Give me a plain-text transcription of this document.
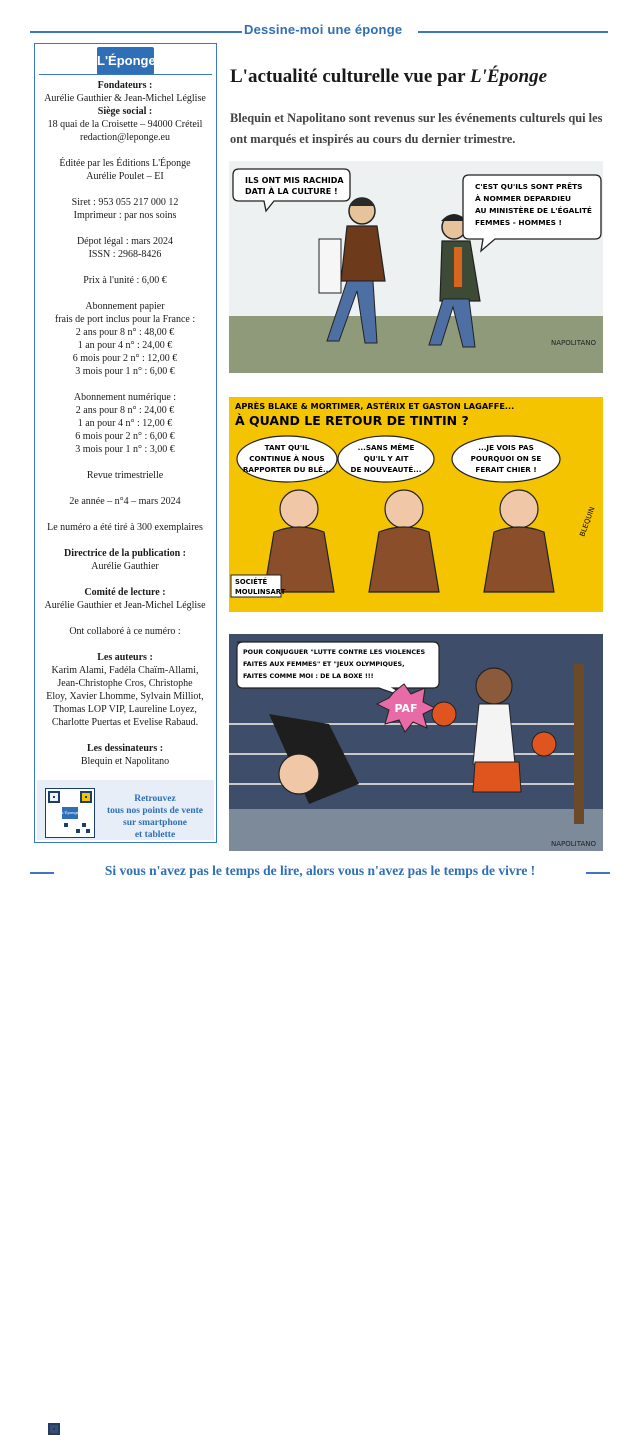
Dessine-moi une éponge
L'Éponge
Fondateurs :
Aurélie Gauthier & Jean-Michel Léglise
Siège social :
18 quai de la Croisette – 94000 Créteil
redaction@leponge.eu
Éditée par les Éditions L'Éponge
Aurélie Poulet – EI
Siret : 953 055 217 000 12
Imprimeur : par nos soins
Dépot légal : mars 2024
ISSN : 2968-8426
Prix à l'unité : 6,00 €
Abonnement papier
frais de port inclus pour la France :
2 ans pour 8 n° : 48,00 €
1 an pour 4 n° : 24,00 €
6 mois pour 2 n° : 12,00 €
3 mois pour 1 n° : 6,00 €
Abonnement numérique :
2 ans pour 8 n° : 24,00 €
1 an pour 4 n° : 12,00 €
6 mois pour 2 n° : 6,00 €
3 mois pour 1 n° : 3,00 €
Revue trimestrielle
2e année – n°4 – mars 2024
Le numéro a été tiré à 300 exemplaires
Directrice de la publication :
Aurélie Gauthier
Comité de lecture :
Aurélie Gauthier et Jean-Michel Léglise
Ont collaboré à ce numéro :
Les auteurs :
Karim Alami, Fadéla Chaïm-Allami,
Jean-Christophe Cros, Christophe
Eloy, Xavier Lhomme, Sylvain Milliot,
Thomas LOP VIP, Laureline Loyez,
Charlotte Puertas et Evelise Rabaud.
Les dessinateurs :
Blequin et Napolitano
L'Éponge
Retrouvez
tous nos points de vente
sur smartphone
et tablette
L'actualité culturelle vue par L'Éponge
Blequin et Napolitano sont revenus sur les événements culturels qui les ont marqués et inspirés au cours du dernier trimestre.
ILS ONT MIS RACHIDA
DATI À LA CULTURE !
C'EST QU'ILS SONT PRÊTS
À NOMMER DEPARDIEU
AU MINISTÈRE DE L'ÉGALITÉ
FEMMES - HOMMES !
NAPOLITANO
APRÈS BLAKE & MORTIMER, ASTÉRIX ET GASTON LAGAFFE...
À QUAND LE RETOUR DE TINTIN ?
TANT QU'IL
CONTINUE À NOUS
RAPPORTER DU BLÉ...
...SANS MÊME
QU'IL Y AIT
DE NOUVEAUTÉ...
...JE VOIS PAS
POURQUOI ON SE
FERAIT CHIER !
SOCIÉTÉ
MOULINSART
BLEQUIN
POUR CONJUGUER "LUTTE CONTRE LES VIOLENCES
FAITES AUX FEMMES" ET "JEUX OLYMPIQUES,
FAITES COMME MOI : DE LA BOXE !!!
PAF
NAPOLITANO
Si vous n'avez pas le temps de lire, alors vous n'avez pas le temps de vivre !
